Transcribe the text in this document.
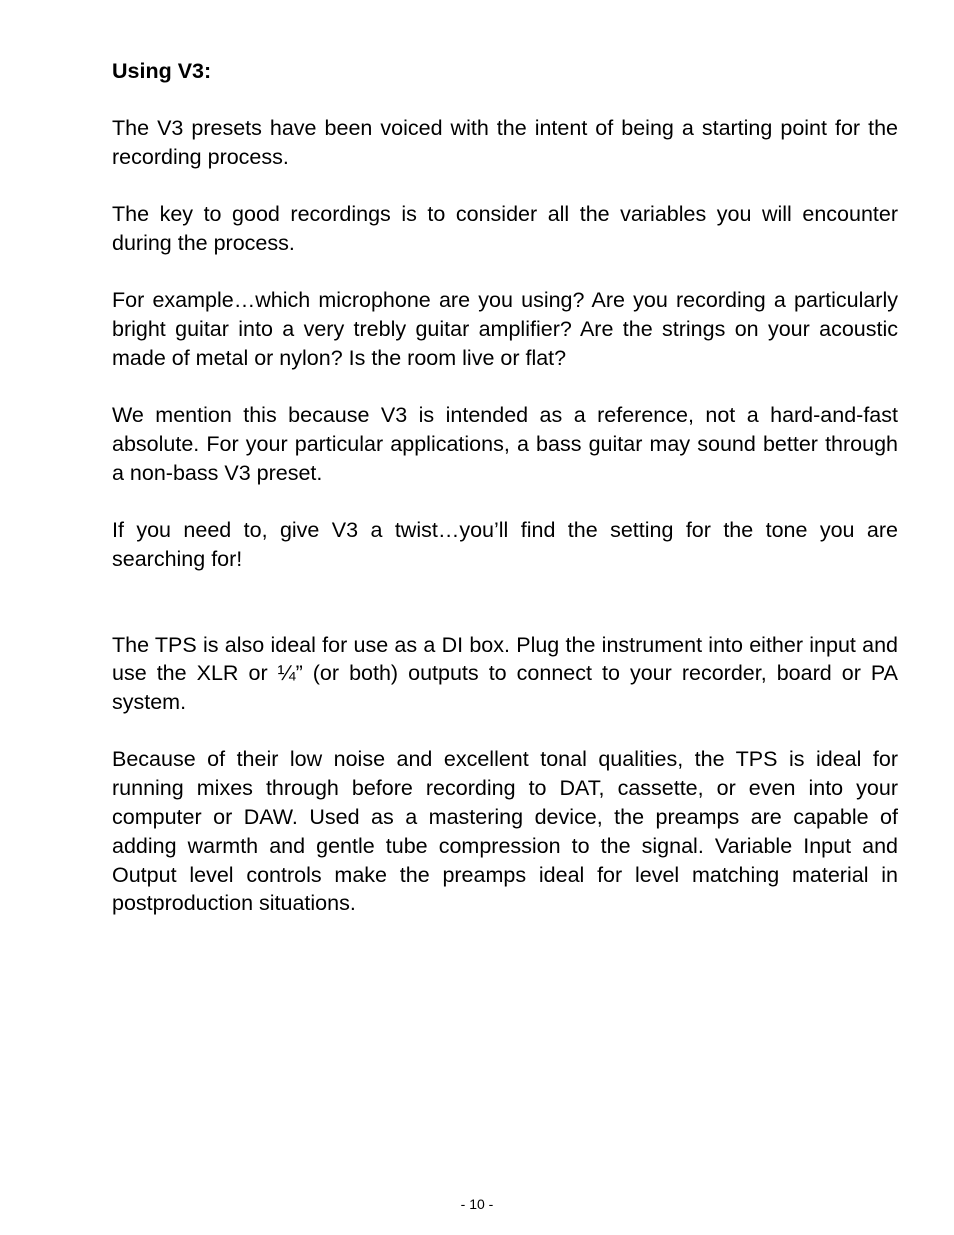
Using V3:

The V3 presets have been voiced with the intent of being a starting point for the recording process.

The key to good recordings is to consider all the variables you will encounter during the process.

For example…which microphone are you using? Are you recording a particularly bright guitar into a very trebly guitar amplifier? Are the strings on your acoustic made of metal or nylon? Is the room live or flat?

We mention this because V3 is intended as a reference, not a hard-and-fast absolute. For your particular applications, a bass guitar may sound better through a non-bass V3 preset.

If you need to, give V3 a twist…you’ll find the setting for the tone you are searching for!

The TPS is also ideal for use as a DI box. Plug the instrument into either input and use the XLR or ¼” (or both) outputs to connect to your recorder, board or PA system.

Because of their low noise and excellent tonal qualities, the TPS is ideal for running mixes through before recording to DAT, cassette, or even into your computer or DAW. Used as a mastering device, the preamps are capable of adding warmth and gentle tube compression to the signal. Variable Input and Output level controls make the preamps ideal for level matching material in postproduction situations.

- 10 -
